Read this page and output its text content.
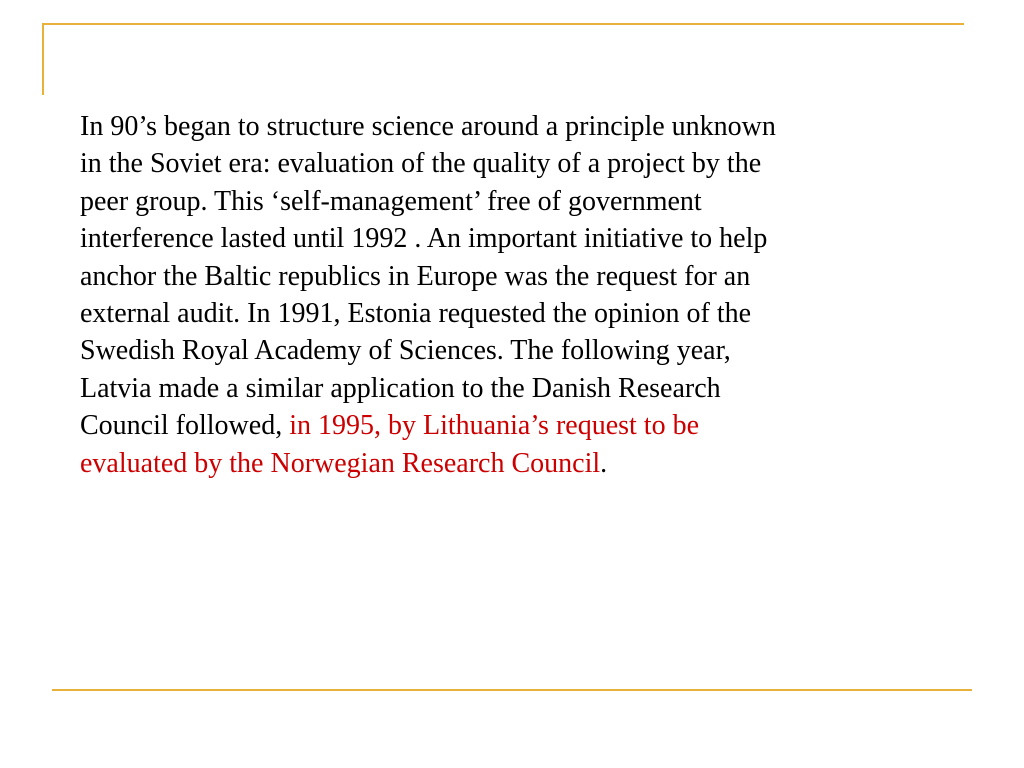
In 90’s began to structure science around a principle unknown
in the Soviet era: evaluation of the quality of a project by the
peer group. This ‘self-management’ free of government
interference lasted until 1992 . An important initiative to help
anchor the Baltic republics in Europe was the request for an
external audit. In 1991, Estonia requested the opinion of the
Swedish Royal Academy of Sciences. The following year,
Latvia made a similar application to the Danish Research
Council followed, in 1995, by Lithuania’s request to be
evaluated by the Norwegian Research Council.
